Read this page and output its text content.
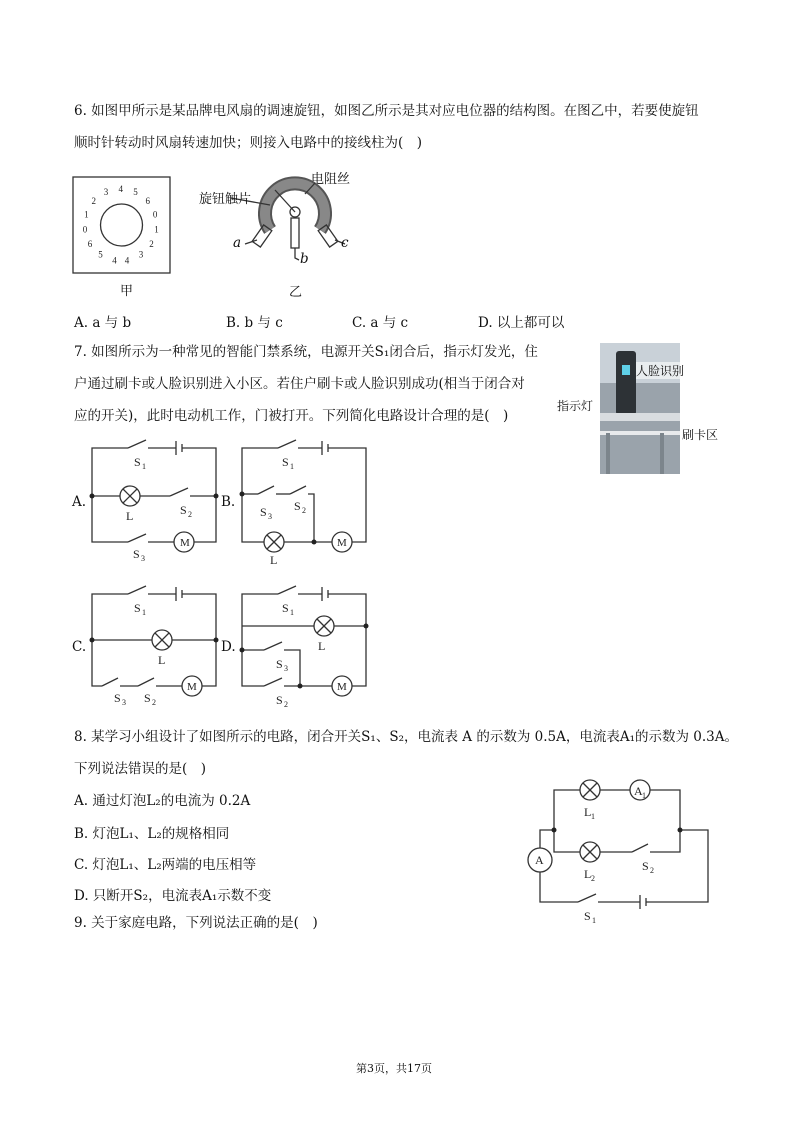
6. 如图甲所示是某品牌电风扇的调速旋钮，如图乙所示是其对应电位器的结构图。在图乙中，若要使旋钮
顺时针转动时风扇转速加快；则接入电路中的接线柱为(　)
4
5
6
0
1
2
3 4 5
6
0
1
2
3
4
甲
旋钮触片
电阻丝
a
b
c
乙
A. a 与 b	B. b 与 c	C. a 与 c	D. 以上都可以
7. 如图所示为一种常见的智能门禁系统，电源开关S₁闭合后，指示灯发光，住
户通过刷卡或人脸识别进入小区。若住户刷卡或人脸识别成功(相当于闭合对
应的开关)，此时电动机工作，门被打开。下列简化电路设计合理的是(　)
人脸识别
指示灯
刷卡区
A.	B.
C.	D.
S 1
L	S 2
S 3
M
S 1
S 3
S 2
L
M
S 1
L
S 3 S 2
M
S 1
L
S 3
S 2
M
8. 某学习小组设计了如图所示的电路，闭合开关S₁、S₂，电流表 A 的示数为 0.5A，电流表A₁的示数为 0.3A。
下列说法错误的是(　)
A. 通过灯泡L₂的电流为 0.2A
B. 灯泡L₁、L₂的规格相同
C. 灯泡L₁、L₂两端的电压相等
D. 只断开S₂，电流表A₁示数不变
L 1
A 1
L 2
S 2
A
S 1
9. 关于家庭电路，下列说法正确的是(　)
第3页，共17页
